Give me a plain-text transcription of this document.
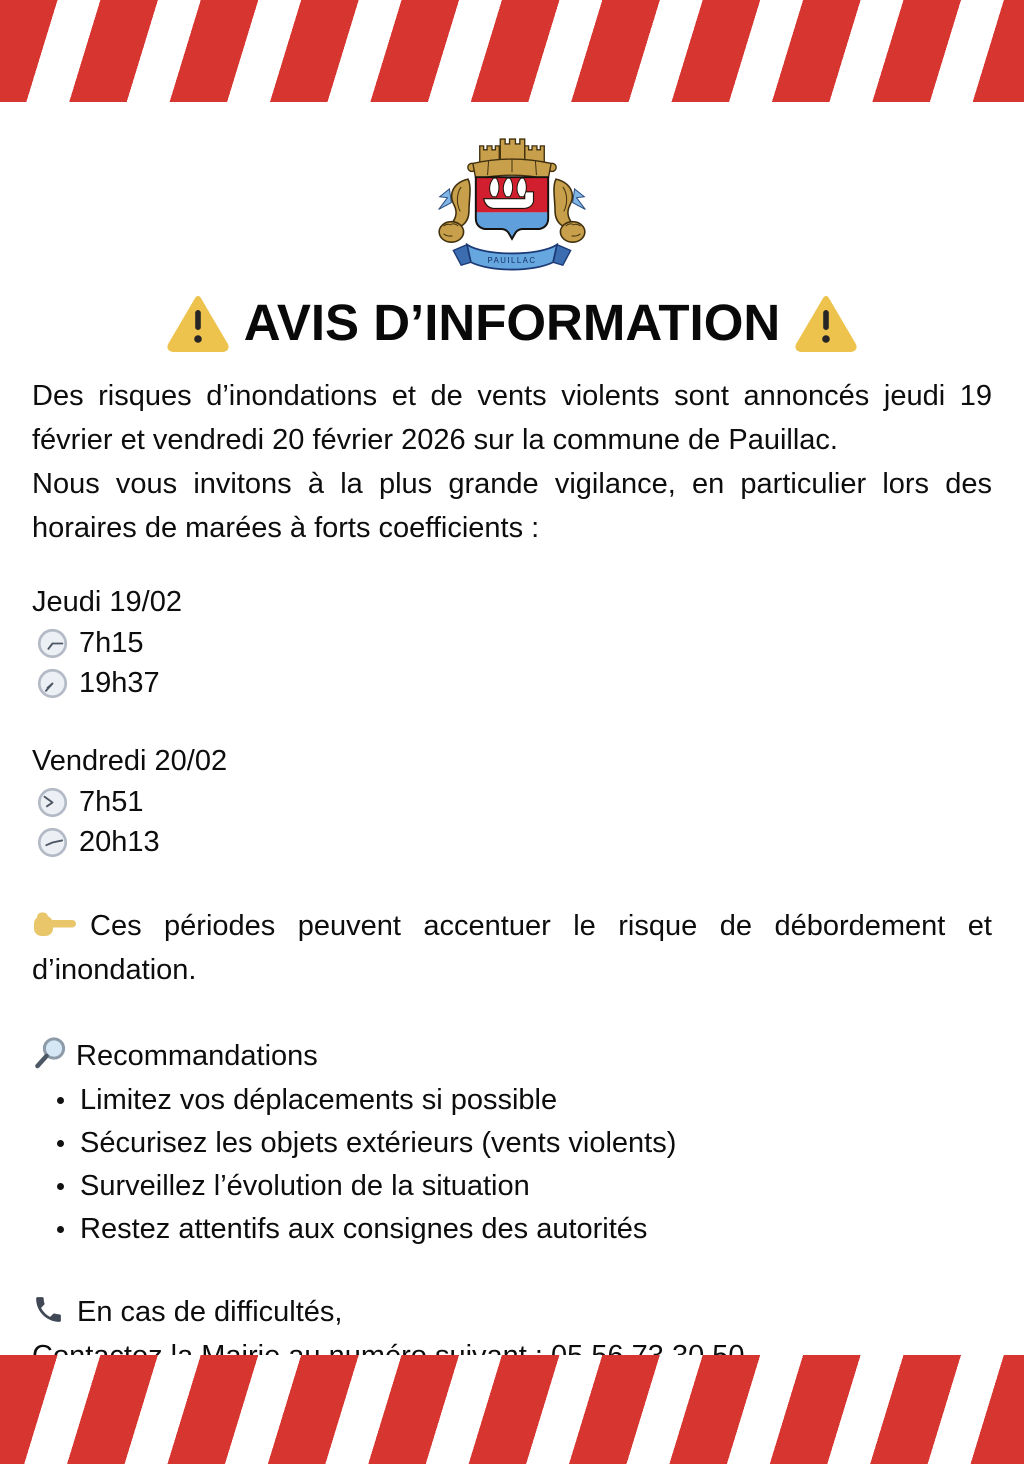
PAUILLAC
AVIS D’INFORMATION

Des risques d’inondations et de vents violents sont annoncés jeudi 19 février et vendredi 20 février 2026 sur la commune de Pauillac.

Nous vous invitons à la plus grande vigilance, en particulier lors des horaires de marées à forts coefficients :

Jeudi 19/02
7h15
19h37
Vendredi 20/02
7h51
20h13

Ces périodes peuvent accentuer le risque de débordement et d’inondation.

Recommandations
Limitez vos déplacements si possible
Sécurisez les objets extérieurs (vents violents)
Surveillez l’évolution de la situation
Restez attentifs aux consignes des autorités

En cas de difficultés,
